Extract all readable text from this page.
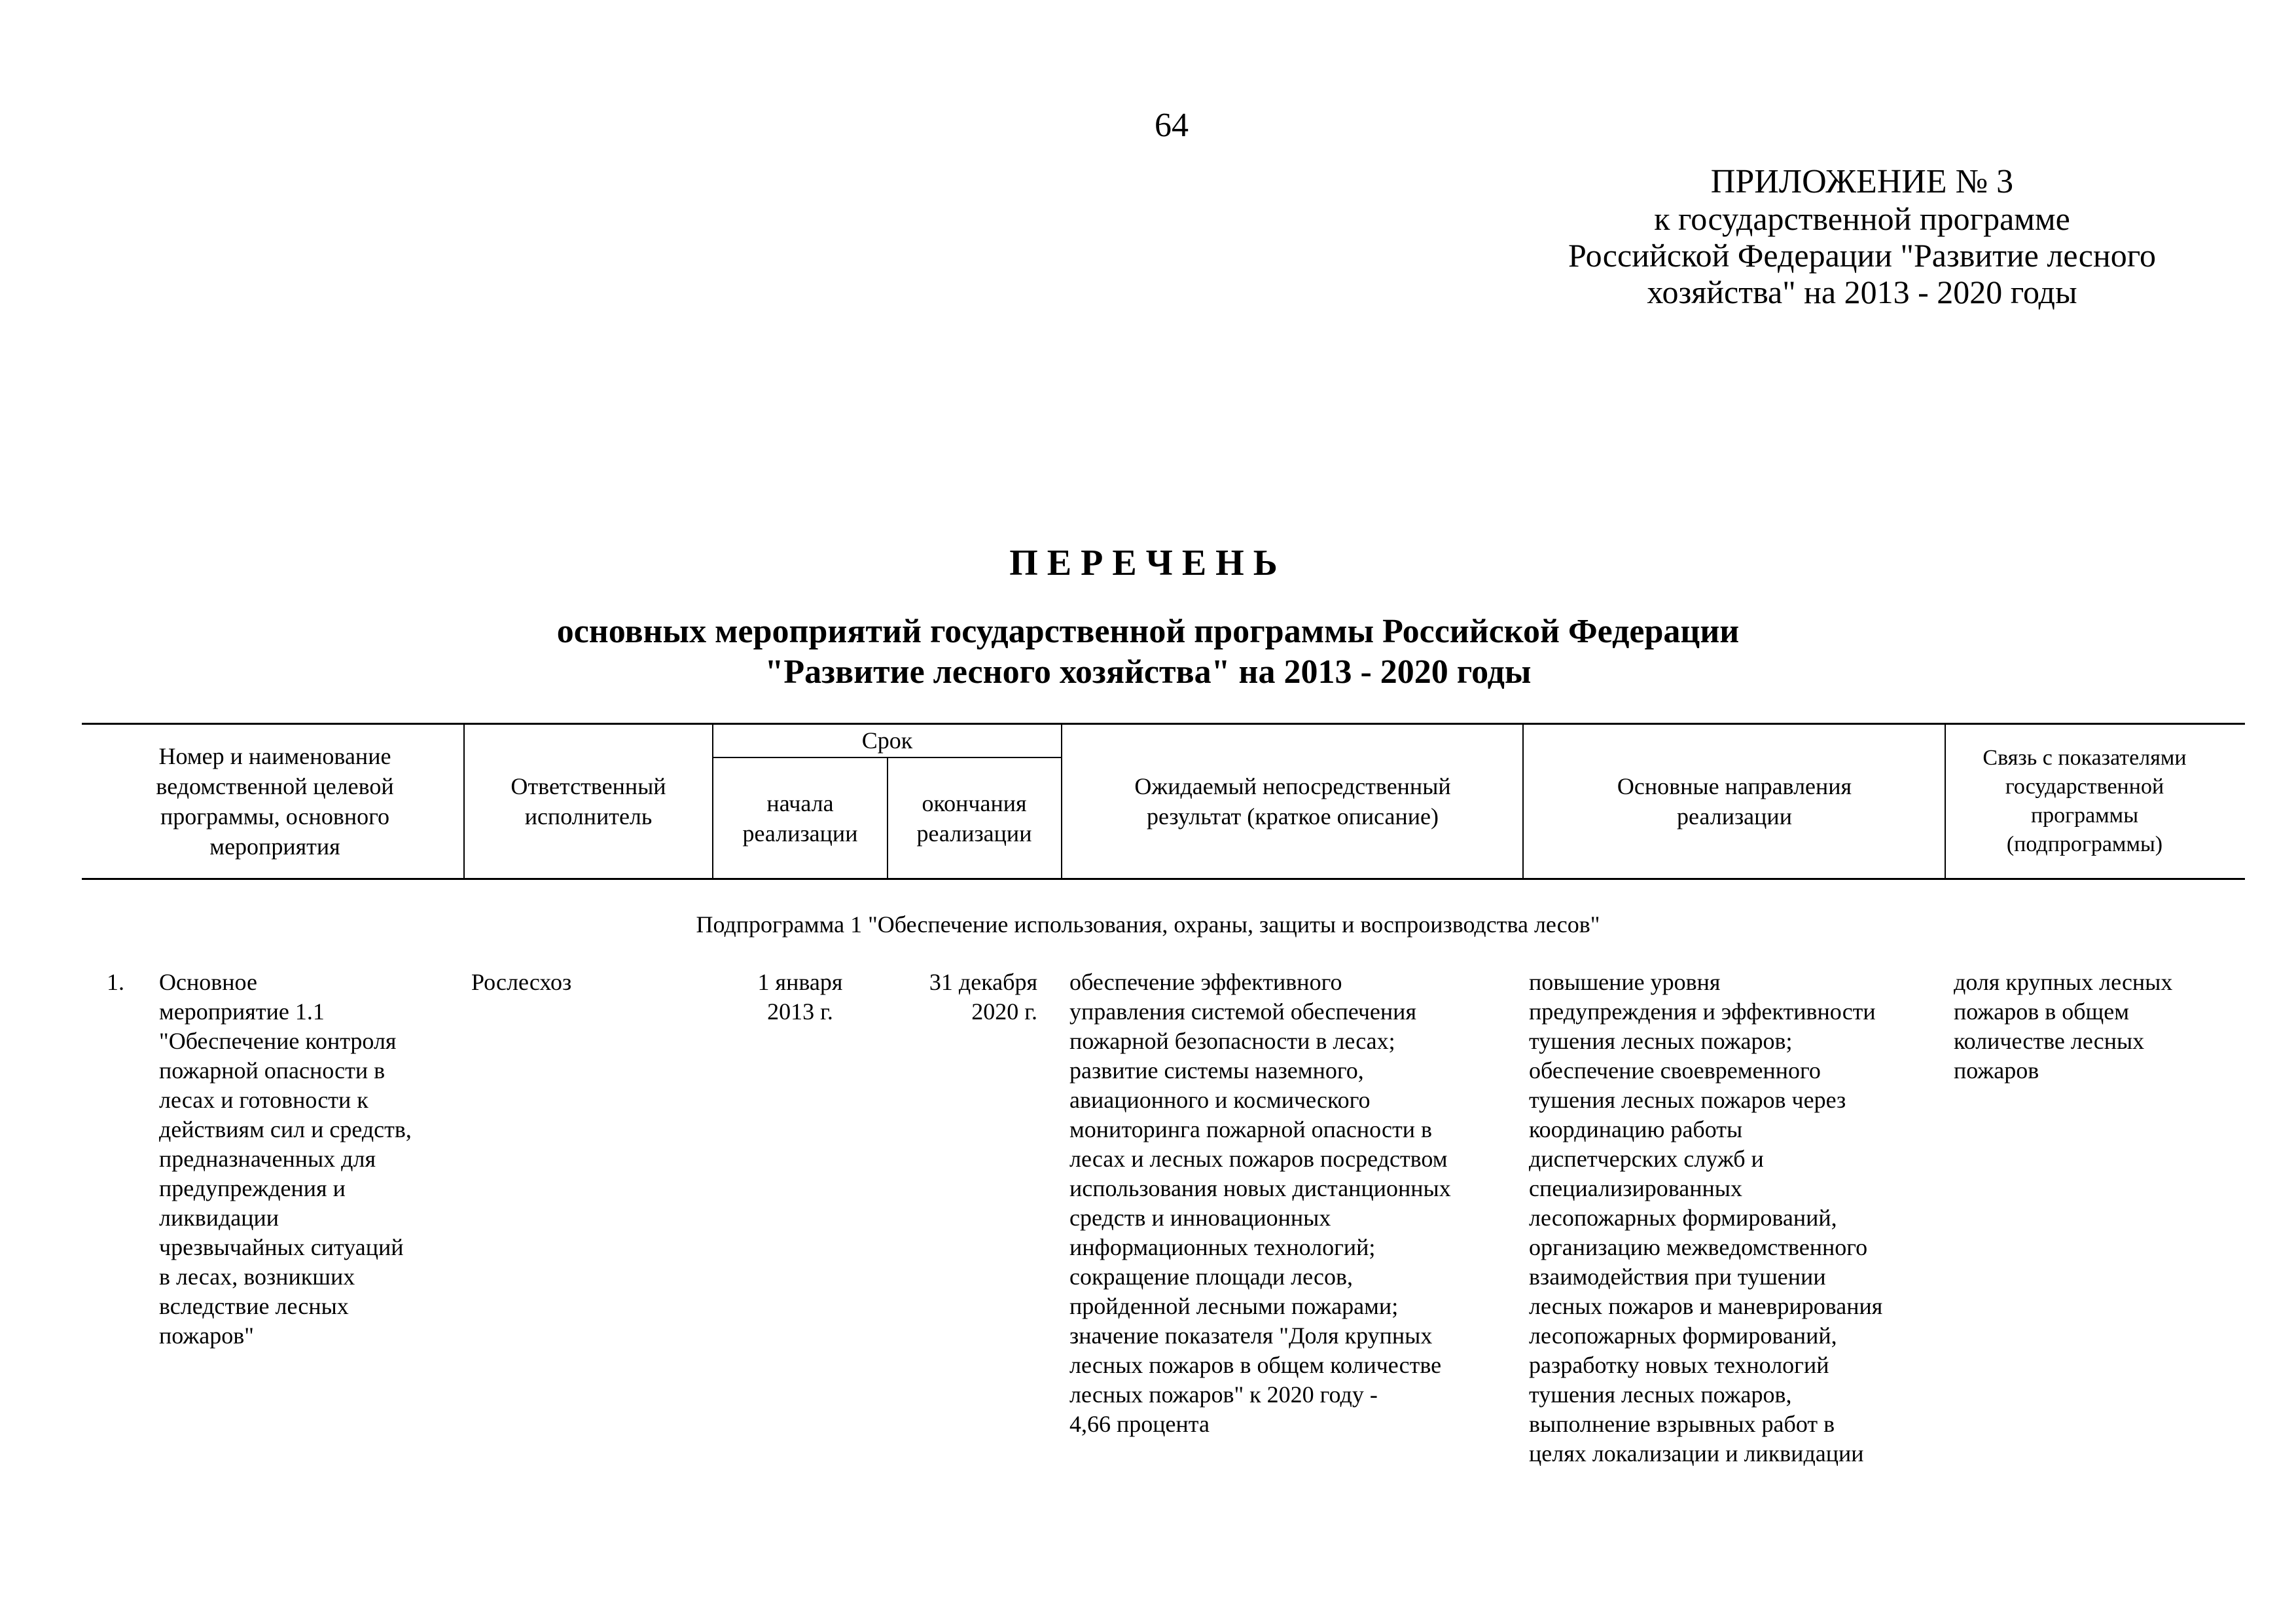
64
ПРИЛОЖЕНИЕ № 3
к государственной программе
Российской Федерации "Развитие лесного
хозяйства" на 2013 - 2020 годы
ПЕРЕЧЕНЬ
основных мероприятий государственной программы Российской Федерации
"Развитие лесного хозяйства" на 2013 - 2020 годы
Номер и наименование ведомственной целевой программы, основного мероприятия
Ответственный исполнитель
Срок
начала реализации
окончания реализации
Ожидаемый непосредственный результат (краткое описание)
Основные направления реализации
Связь с показателями государственной программы (подпрограммы)
Подпрограмма 1 "Обеспечение использования, охраны, защиты и воспроизводства лесов"
1.	Основное
мероприятие 1.1
"Обеспечение контроля
пожарной опасности в
лесах и готовности к
действиям сил и средств,
предназначенных для
предупреждения и
ликвидации
чрезвычайных ситуаций
в лесах, возникших
вследствие лесных
пожаров"
Рослесхоз	1 января
2013 г.
31 декабря
2020 г.
обеспечение эффективного
управления системой обеспечения
пожарной безопасности в лесах;
развитие системы наземного,
авиационного и космического
мониторинга пожарной опасности в
лесах и лесных пожаров посредством
использования новых дистанционных
средств и инновационных
информационных технологий;
сокращение площади лесов,
пройденной лесными пожарами;
значение показателя "Доля крупных
лесных пожаров в общем количестве
лесных пожаров" к 2020 году -
4,66 процента
повышение уровня
предупреждения и эффективности
тушения лесных пожаров;
обеспечение своевременного
тушения лесных пожаров через
координацию работы
диспетчерских служб и
специализированных
лесопожарных формирований,
организацию межведомственного
взаимодействия при тушении
лесных пожаров и маневрирования
лесопожарных формирований,
разработку новых технологий
тушения лесных пожаров,
выполнение взрывных работ в
целях локализации и ликвидации
доля крупных лесных
пожаров в общем
количестве лесных
пожаров
